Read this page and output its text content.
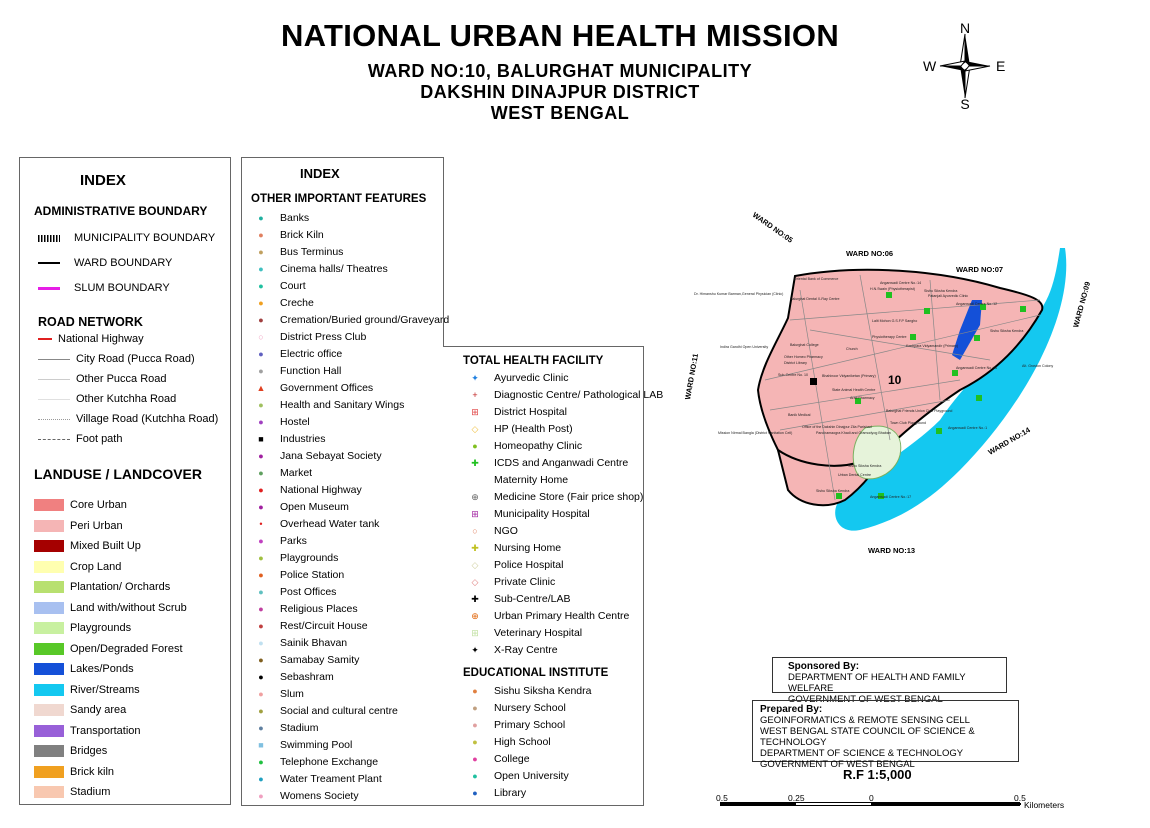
NATIONAL URBAN HEALTH MISSION
WARD NO:10, BALURGHAT MUNICIPALITY
DAKSHIN DINAJPUR DISTRICT
WEST BENGAL
N
S
E
W
INDEX
ADMINISTRATIVE BOUNDARY
MUNICIPALITY BOUNDARY
WARD BOUNDARY
SLUM BOUNDARY
ROAD NETWORK
National Highway
City Road (Pucca Road)
Other Pucca Road
Other Kutchha Road
Village Road (Kutchha Road)
Foot path
LANDUSE / LANDCOVER
Core Urban
Peri Urban
Mixed Built Up
Crop Land
Plantation/ Orchards
Land with/without Scrub
Playgrounds
Open/Degraded Forest
Lakes/Ponds
River/Streams
Sandy area
Transportation
Bridges
Brick kiln
Stadium
INDEX
OTHER IMPORTANT FEATURES
● Banks
● Brick Kiln
● Bus Terminus
● Cinema halls/ Theatres
● Court
● Creche
● Cremation/Buried ground/Graveyard
○ District Press Club
● Electric office
● Function Hall
▲ Government Offices
● Health and Sanitary Wings
● Hostel
■ Industries
● Jana Sebayat Society
● Market
● National Highway
● Open Museum
• Overhead Water tank
● Parks
● Playgrounds
● Police Station
● Post Offices
● Religious Places
● Rest/Circuit House
● Sainik Bhavan
● Samabay Samity
● Sebashram
● Slum
● Social and cultural centre
● Stadium
■ Swimming Pool
● Telephone Exchange
● Water Treament Plant
● Womens Society
TOTAL HEALTH FACILITY
✦ Ayurvedic Clinic
+ Diagnostic Centre/ Pathological LAB
⊞ District Hospital
◇ HP (Health Post)
● Homeopathy Clinic
✚ ICDS and Anganwadi Centre
Maternity Home
⊕ Medicine Store (Fair price shop)
⊞ Municipality Hospital
○ NGO
✚ Nursing Home
◇ Police Hospital
◇ Private Clinic
✚ Sub-Centre/LAB
⊕ Urban Primary Health Centre
⊞ Veterinary Hospital
✦ X-Ray Centre
EDUCATIONAL INSTITUTE
● Sishu Siksha Kendra
● Nursery School
● Primary School
● High School
● College
● Open University
● Library
10
WARD NO:05
WARD NO:06
WARD NO:07
WARD NO:09
WARD NO:11
WARD NO:14
WARD NO:13
Oriental Bank of Commerce
Dr. Himanshu Kumar Barman,General Physician (Clinic)
Balurghat Dental X-Ray Centre
H.N.Swain (Physiotherapist)
Anganwadi Centre No.:14
Sishu Siksha Kendra
Patanjali Ayurvedic Clinic
Anganwadi Centre No.:12
Lalit Mohon G.S.F.P Sangho
Physiotherapy Centre
Kochpara Vidyamandir (Primary)
Sishu Siksha Kendra
Balurghat College
Indira Gandhi Open University
Other Homeo Pharmacy
District Library
Church
Sub-Centre No. 10	Bhahinoor Vidyaniketan (Primary)
State Animal Health Centre
Arati Pharmacy
Anganwadi Centre No.:16	Alt. Groston Colony
Banik Medical
Balurghat Friends Union Club Playground
Office of the Dakshin Dinajpur Zila Parishad
Panchamaogra Khadi and Gramodyog Bhaban
Anganwadi Centre No.:1
Mission Nirmal Bangla (District Sanitation Cell)
Town Club Playground
Sishu Siksha Kendra
Urban Dental Centre
Anganwadi Centre No.:17
Sishu Siksha Kendra
Sponsored By:
DEPARTMENT OF HEALTH AND FAMILY WELFARE
GOVERNMENT OF WEST BENGAL
Prepared By:
GEOINFORMATICS & REMOTE SENSING CELL
WEST BENGAL STATE COUNCIL OF SCIENCE & TECHNOLOGY
DEPARTMENT OF SCIENCE & TECHNOLOGY
GOVERNMENT OF WEST BENGAL
R.F 1:5,000
0.5	0.25	0	0.5
Kilometers
